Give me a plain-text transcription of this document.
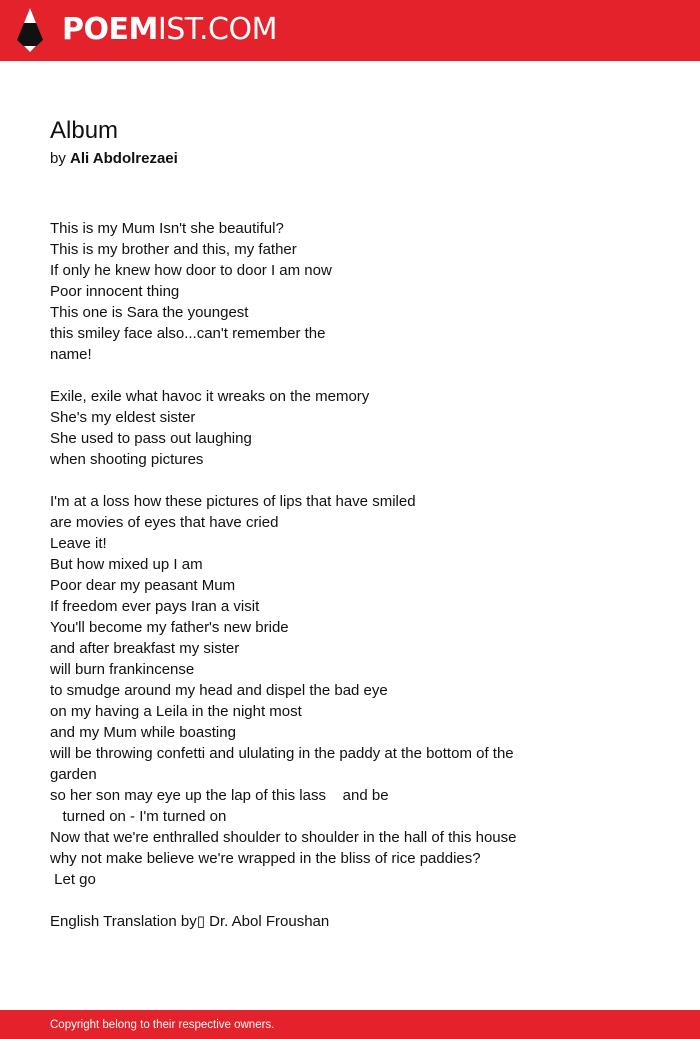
POEMIST.COM
Album
by Ali Abdolrezaei
This is my Mum Isn't she beautiful?
This is my brother and this, my father
If only he knew how door to door I am now
Poor innocent thing
This one is Sara the youngest
this smiley face also...can't remember the
name!
Exile, exile what havoc it wreaks on the memory
She's my eldest sister
She used to pass out laughing
when shooting pictures
I'm at a loss how these pictures of lips that have smiled
are movies of eyes that have cried
Leave it!
But how mixed up I am
Poor dear my peasant Mum
If freedom ever pays Iran a visit
You'll become my father's new bride
and after breakfast my sister
will burn frankincense
to smudge around my head and dispel the bad eye
on my having a Leila in the night most
and my Mum while boasting
will be throwing confetti and ululating in the paddy at the bottom of the
garden
so her son may eye up the lap of this lass    and be
turned on - I'm turned on
Now that we're enthralled shoulder to shoulder in the hall of this house
why not make believe we're wrapped in the bliss of rice paddies?
Let go
English Translation by▯ Dr. Abol Froushan
Copyright belong to their respective owners.
